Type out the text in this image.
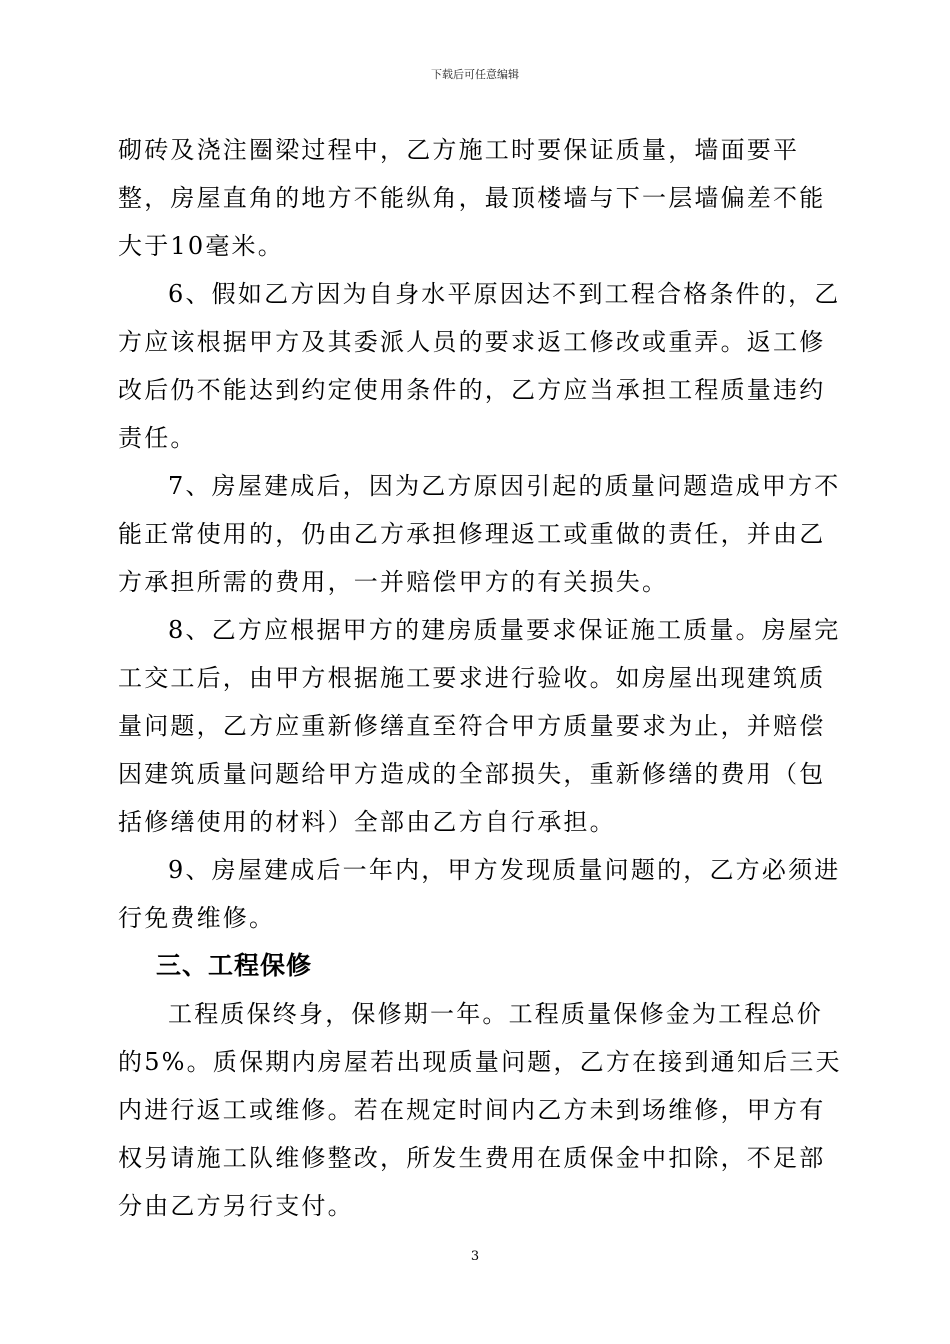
下载后可任意编辑

砌砖及浇注圈梁过程中，乙方施工时要保证质量，墙面要平整，房屋直角的地方不能纵角，最顶楼墙与下一层墙偏差不能大于10毫米。

6、假如乙方因为自身水平原因达不到工程合格条件的，乙方应该根据甲方及其委派人员的要求返工修改或重弄。返工修改后仍不能达到约定使用条件的，乙方应当承担工程质量违约责任。

7、房屋建成后，因为乙方原因引起的质量问题造成甲方不能正常使用的，仍由乙方承担修理返工或重做的责任，并由乙方承担所需的费用，一并赔偿甲方的有关损失。

8、乙方应根据甲方的建房质量要求保证施工质量。房屋完工交工后，由甲方根据施工要求进行验收。如房屋出现建筑质量问题，乙方应重新修缮直至符合甲方质量要求为止，并赔偿因建筑质量问题给甲方造成的全部损失，重新修缮的费用（包括修缮使用的材料）全部由乙方自行承担。

9、房屋建成后一年内，甲方发现质量问题的，乙方必须进行免费维修。

三、工程保修

工程质保终身，保修期一年。工程质量保修金为工程总价的5%。质保期内房屋若出现质量问题，乙方在接到通知后三天内进行返工或维修。若在规定时间内乙方未到场维修，甲方有权另请施工队维修整改，所发生费用在质保金中扣除，不足部分由乙方另行支付。

3
